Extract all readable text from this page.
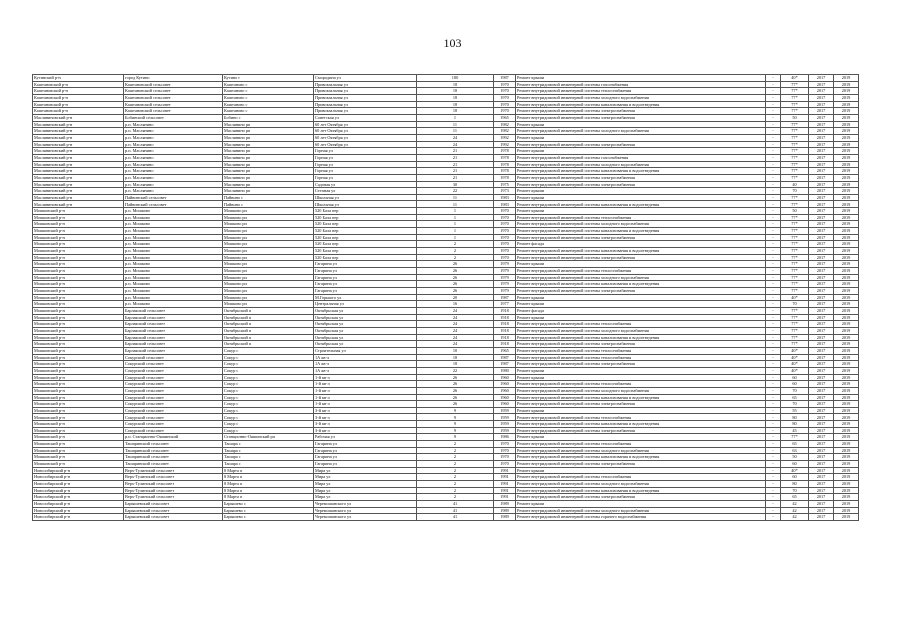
103
Кутинский р-н	город Кутино	Кутино г	Смородина ул	180	1987	Ремонт крыши	-	40*	2017	2019
Каштановский р-н	Каштановский сельсовет	Каштаново с	Привокзальная ул	18	1970	Ремонт внутридомовой инженерной системы газоснабжения	-	77*	2017	2019
Каштановский р-н	Каштановский сельсовет	Каштаново с	Привокзальная ул	18	1970	Ремонт внутридомовой инженерной системы теплоснабжения	-	77*	2017	2019
Каштановский р-н	Каштановский сельсовет	Каштаново с	Привокзальная ул	18	1970	Ремонт внутридомовой инженерной системы холодного водоснабжения	-	77*	2017	2019
Каштановский р-н	Каштановский сельсовет	Каштаново с	Привокзальная ул	18	1970	Ремонт внутридомовой инженерной системы канализования и водоотведения	-	77*	2017	2019
Каштановский р-н	Каштановский сельсовет	Каштаново с	Привокзальная ул	18	1970	Ремонт внутридомовой инженерной системы электроснабжения	-	77*	2017	2019
Масляниновский р-н	Бобинский сельсовет	Бобино с	Советская ул	1	1965	Ремонт внутридомовой инженерной системы электроснабжения	-	50	2017	2019
Масляниновский р-н	р.п. Маслянино	Маслянино рп	60 лет Октября ул	11	1982	Ремонт крыши	-	77*	2017	2019
Масляниновский р-н	р.п. Маслянино	Маслянино рп	60 лет Октября ул	11	1982	Ремонт внутридомовой инженерной системы холодного водоснабжения	-	77*	2017	2019
Масляниновский р-н	р.п. Маслянино	Маслянино рп	60 лет Октября ул	24	1992	Ремонт крыши	-	77*	2017	2019
Масляниновский р-н	р.п. Маслянино	Маслянино рп	60 лет Октября ул	24	1992	Ремонт внутридомовой инженерной системы электроснабжения	-	77*	2017	2019
Масляниновский р-н	р.п. Маслянино	Маслянино рп	Горная ул	21	1978	Ремонт крыши	-	77*	2017	2019
Масляниновский р-н	р.п. Маслянино	Маслянино рп	Горная ул	21	1978	Ремонт внутридомовой инженерной системы газоснабжения	-	77*	2017	2019
Масляниновский р-н	р.п. Маслянино	Маслянино рп	Горная ул	21	1978	Ремонт внутридомовой инженерной системы холодного водоснабжения	-	77*	2017	2019
Масляниновский р-н	р.п. Маслянино	Маслянино рп	Горная ул	21	1978	Ремонт внутридомовой инженерной системы канализования и водоотведения	-	77*	2017	2019
Масляниновский р-н	р.п. Маслянино	Маслянино рп	Горная ул	21	1978	Ремонт внутридомовой инженерной системы электроснабжения	-	77*	2017	2019
Масляниновский р-н	р.п. Маслянино	Маслянино рп	Садовая ул	30	1975	Ремонт внутридомовой инженерной системы электроснабжения	-	40	2017	2019
Масляниновский р-н	р.п. Маслянино	Маслянино рп	Степная ул	22	1973	Ремонт крыши	-	70	2017	2019
Масляниновский р-н	Пайвинский сельсовет	Пайвино с	Школьная ул	11	1983	Ремонт крыши	-	77*	2017	2019
Масляниновский р-н	Пайвинский сельсовет	Пайвино с	Школьная ул	11	1983	Ремонт внутридомовой инженерной системы канализования и водоотведения	-	77*	2017	2019
Мошковский р-н	р.п. Мошково	Мошково рп	520 Бала пер	1	1970	Ремонт крыши	-	50	2017	2019
Мошковский р-н	р.п. Мошково	Мошково рп	520 Бала пер	1	1970	Ремонт внутридомовой инженерной системы теплоснабжения	-	77*	2017	2019
Мошковский р-н	р.п. Мошково	Мошково рп	520 Бала пер	1	1970	Ремонт внутридомовой инженерной системы холодного водоснабжения	-	77*	2017	2019
Мошковский р-н	р.п. Мошково	Мошково рп	520 Бала пер	1	1970	Ремонт внутридомовой инженерной системы канализования и водоотведения	-	77*	2017	2019
Мошковский р-н	р.п. Мошково	Мошково рп	520 Бала пер	1	1970	Ремонт внутридомовой инженерной системы электроснабжения	-	77*	2017	2019
Мошковский р-н	р.п. Мошково	Мошково рп	520 Бала пер	2	1970	Ремонт фасада	-	77*	2017	2019
Мошковский р-н	р.п. Мошково	Мошково рп	520 Бала пер	2	1970	Ремонт внутридомовой инженерной системы канализования и водоотведения	-	77*	2017	2019
Мошковский р-н	р.п. Мошково	Мошково рп	520 Бала пер	2	1970	Ремонт внутридомовой инженерной системы электроснабжения	-	77*	2017	2019
Мошковский р-н	р.п. Мошково	Мошково рп	Гагарина ул	26	1979	Ремонт крыши	-	77*	2017	2019
Мошковский р-н	р.п. Мошково	Мошково рп	Гагарина ул	26	1979	Ремонт внутридомовой инженерной системы теплоснабжения	-	77*	2017	2019
Мошковский р-н	р.п. Мошково	Мошково рп	Гагарина ул	26	1979	Ремонт внутридомовой инженерной системы холодного водоснабжения	-	77*	2017	2019
Мошковский р-н	р.п. Мошково	Мошково рп	Гагарина ул	26	1979	Ремонт внутридомовой инженерной системы канализования и водоотведения	-	77*	2017	2019
Мошковский р-н	р.п. Мошково	Мошково рп	Гагарина ул	26	1979	Ремонт внутридомовой инженерной системы электроснабжения	-	77*	2017	2019
Мошковский р-н	р.п. Мошково	Мошково рп	М.Горького ул	20	1987	Ремонт крыши	-	40*	2017	2019
Мошковский р-н	р.п. Мошково	Мошково рп	Центральная ул	16	1977	Ремонт крыши	-	70	2017	2019
Мошковский р-н	Барлакский сельсовет	Октябрьский п	Октябрьская ул	24	1918	Ремонт фасада	-	77*	2017	2019
Мошковский р-н	Барлакский сельсовет	Октябрьский п	Октябрьская ул	24	1918	Ремонт крыши	-	77*	2017	2019
Мошковский р-н	Барлакский сельсовет	Октябрьский п	Октябрьская ул	24	1918	Ремонт внутридомовой инженерной системы теплоснабжения	-	77*	2017	2019
Мошковский р-н	Барлакский сельсовет	Октябрьский п	Октябрьская ул	24	1918	Ремонт внутридомовой инженерной системы холодного водоснабжения	-	77*	2017	2019
Мошковский р-н	Барлакский сельсовет	Октябрьский п	Октябрьская ул	24	1918	Ремонт внутридомовой инженерной системы канализования и водоотведения	-	77*	2017	2019
Мошковский р-н	Барлакский сельсовет	Октябрьский п	Октябрьская ул	24	1918	Ремонт внутридомовой инженерной системы электроснабжения	-	77*	2017	2019
Мошковский р-н	Барлакский сельсовет	Сокур с	Строительная ул	10	1965	Ремонт внутридомовой инженерной системы теплоснабжения	-	40*	2017	2019
Мошковский р-н	Сокурский сельсовет	Сокур с	1А кв-л	18	1987	Ремонт внутридомовой инженерной системы теплоснабжения	-	40*	2017	2019
Мошковский р-н	Сокурский сельсовет	Сокур с	1А кв-л	18	1987	Ремонт внутридомовой инженерной системы электроснабжения	-	40*	2017	2019
Мошковский р-н	Сокурский сельсовет	Сокур с	1А кв-л	22	1980	Ремонт крыши	-	40*	2017	2019
Мошковский р-н	Сокурский сельсовет	Сокур с	1-й кв-л	26	1960	Ремонт крыши	-	60	2017	2019
Мошковский р-н	Сокурский сельсовет	Сокур с	1-й кв-л	26	1960	Ремонт внутридомовой инженерной системы теплоснабжения	-	60	2017	2019
Мошковский р-н	Сокурский сельсовет	Сокур с	1-й кв-л	26	1960	Ремонт внутридомовой инженерной системы холодного водоснабжения	-	70	2017	2019
Мошковский р-н	Сокурский сельсовет	Сокур с	1-й кв-л	26	1960	Ремонт внутридомовой инженерной системы канализования и водоотведения	-	65	2017	2019
Мошковский р-н	Сокурский сельсовет	Сокур с	1-й кв-л	26	1960	Ремонт внутридомовой инженерной системы электроснабжения	-	70	2017	2019
Мошковский р-н	Сокурский сельсовет	Сокур с	3-й кв-л	9	1959	Ремонт крыши	-	55	2017	2019
Мошковский р-н	Сокурский сельсовет	Сокур с	3-й кв-л	9	1959	Ремонт внутридомовой инженерной системы теплоснабжения	-	80	2017	2019
Мошковский р-н	Сокурский сельсовет	Сокур с	3-й кв-л	9	1959	Ремонт внутридомовой инженерной системы канализования и водоотведения	-	80	2017	2019
Мошковский р-н	Сокурский сельсовет	Сокур с	3-й кв-л	9	1959	Ремонт внутридомовой инженерной системы электроснабжения	-	45	2017	2019
Мошковский р-н	р.п. Станционно-Ояшинский	Станционно-Ояшинский рп	Рабочая ул	9	1986	Ремонт крыши	-	77*	2017	2019
Мошковский р-н	Ташаринский сельсовет	Ташара с	Гагарина ул	2	1970	Ремонт внутридомовой инженерной системы теплоснабжения	-	65	2017	2019
Мошковский р-н	Ташаринский сельсовет	Ташара с	Гагарина ул	2	1970	Ремонт внутридомовой инженерной системы холодного водоснабжения	-	63	2017	2019
Мошковский р-н	Ташаринский сельсовет	Ташара с	Гагарина ул	2	1970	Ремонт внутридомовой инженерной системы канализования и водоотведения	-	50	2017	2019
Мошковский р-н	Ташаринский сельсовет	Ташара с	Гагарина ул	2	1970	Ремонт внутридомовой инженерной системы электроснабжения	-	60	2017	2019
Новосибирский р-н	Верх-Тулинский сельсовет	8 Марта п	Мира ул	2	1991	Ремонт крыши	-	40*	2017	2019
Новосибирский р-н	Верх-Тулинский сельсовет	8 Марта п	Мира ул	2	1991	Ремонт внутридомовой инженерной системы теплоснабжения	-	60	2017	2019
Новосибирский р-н	Верх-Тулинский сельсовет	8 Марта п	Мира ул	2	1991	Ремонт внутридомовой инженерной системы холодного водоснабжения	-	80	2017	2019
Новосибирский р-н	Верх-Тулинский сельсовет	8 Марта п	Мира ул	2	1991	Ремонт внутридомовой инженерной системы канализования и водоотведения	-	70	2017	2019
Новосибирский р-н	Верх-Тулинский сельсовет	8 Марта п	Мира ул	2	1991	Ремонт внутридомовой инженерной системы электроснабжения	-	65	2017	2019
Новосибирский р-н	Барышевский сельсовет	Барышево с	Черемошанского ул	41	1989	Ремонт крыши	-	42	2017	2019
Новосибирский р-н	Барышевский сельсовет	Барышево с	Черемошанского ул	41	1989	Ремонт внутридомовой инженерной системы холодного водоснабжения	-	42	2017	2019
Новосибирский р-н	Барышевский сельсовет	Барышево с	Черемошанского ул	41	1989	Ремонт внутридомовой инженерной системы горячего водоснабжения	-	42	2017	2019
